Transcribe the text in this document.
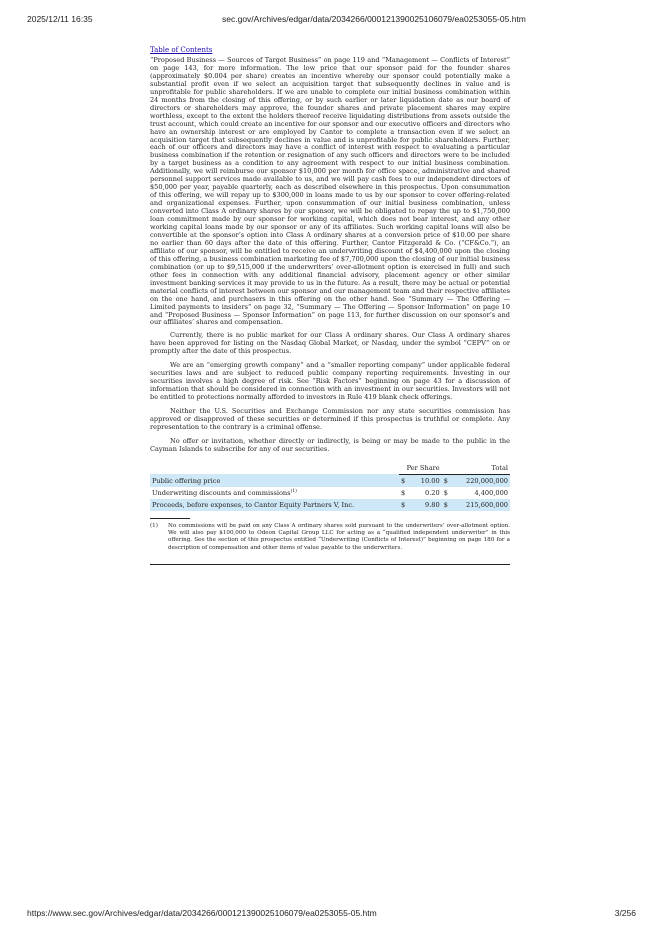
2025/12/11 16:35	sec.gov/Archives/edgar/data/2034266/000121390025106079/ea0253055-05.htm
Table of Contents

“Proposed Business — Sources of Target Business” on page 119 and “Management — Conflicts of Interest” on page 143, for more information. The low price that our sponsor paid for the founder shares (approximately $0.004 per share) creates an incentive whereby our sponsor could potentially make a substantial profit even if we select an acquisition target that subsequently declines in value and is unprofitable for public shareholders. If we are unable to complete our initial business combination within 24 months from the closing of this offering, or by such earlier or later liquidation date as our board of directors or shareholders may approve, the founder shares and private placement shares may expire worthless, except to the extent the holders thereof receive liquidating distributions from assets outside the trust account, which could create an incentive for our sponsor and our executive officers and directors who have an ownership interest or are employed by Cantor to complete a transaction even if we select an acquisition target that subsequently declines in value and is unprofitable for public shareholders. Further, each of our officers and directors may have a conflict of interest with respect to evaluating a particular business combination if the retention or resignation of any such officers and directors were to be included by a target business as a condition to any agreement with respect to our initial business combination. Additionally, we will reimburse our sponsor $10,000 per month for office space, administrative and shared personnel support services made available to us, and we will pay cash fees to our independent directors of $50,000 per year, payable quarterly, each as described elsewhere in this prospectus. Upon consummation of this offering, we will repay up to $300,000 in loans made to us by our sponsor to cover offering-related and organizational expenses. Further, upon consummation of our initial business combination, unless converted into Class A ordinary shares by our sponsor, we will be obligated to repay the up to $1,750,000 loan commitment made by our sponsor for working capital, which does not bear interest, and any other working capital loans made by our sponsor or any of its affiliates. Such working capital loans will also be convertible at the sponsor’s option into Class A ordinary shares at a conversion price of $10.00 per share no earlier than 60 days after the date of this offering. Further, Cantor Fitzgerald & Co. (“CF&Co.”), an affiliate of our sponsor, will be entitled to receive an underwriting discount of $4,400,000 upon the closing of this offering, a business combination marketing fee of $7,700,000 upon the closing of our initial business combination (or up to $9,515,000 if the underwriters’ over-allotment option is exercised in full) and such other fees in connection with any additional financial advisory, placement agency or other similar investment banking services it may provide to us in the future. As a result, there may be actual or potential material conflicts of interest between our sponsor and our management team and their respective affiliates on the one hand, and purchasers in this offering on the other hand. See “Summary — The Offering — Limited payments to insiders” on page 32, “Summary — The Offering — Sponsor Information” on page 10 and “Proposed Business — Sponsor Information” on page 113, for further discussion on our sponsor’s and our affiliates’ shares and compensation.

Currently, there is no public market for our Class A ordinary shares. Our Class A ordinary shares have been approved for listing on the Nasdaq Global Market, or Nasdaq, under the symbol “CEPV” on or promptly after the date of this prospectus.

We are an “emerging growth company” and a “smaller reporting company” under applicable federal securities laws and are subject to reduced public company reporting requirements. Investing in our securities involves a high degree of risk. See “Risk Factors” beginning on page 43 for a discussion of information that should be considered in connection with an investment in our securities. Investors will not be entitled to protections normally afforded to investors in Rule 419 blank check offerings.

Neither the U.S. Securities and Exchange Commission nor any state securities commission has approved or disapproved of these securities or determined if this prospectus is truthful or complete. Any representation to the contrary is a criminal offense.

No offer or invitation, whether directly or indirectly, is being or may be made to the public in the Cayman Islands to subscribe for any of our securities.

	Per Share		Total	
Public offering price	$	10.00	$	220,000,000
Underwriting discounts and commissions$^{(1)}$	$	0.20	$	4,400,000
Proceeds, before expenses, to Cantor Equity Partners V, Inc.	$	9.80	$	215,600,000
(1)	No commissions will be paid on any Class A ordinary shares sold pursuant to the underwriters’ over-allotment option. We will also pay $100,000 to Odeon Capital Group LLC for acting as a “qualified independent underwriter” in this offering. See the section of this prospectus entitled “Underwriting (Conflicts of Interest)” beginning on page 180 for a description of compensation and other items of value payable to the underwriters.
https://www.sec.gov/Archives/edgar/data/2034266/000121390025106079/ea0253055-05.htm	3/256
